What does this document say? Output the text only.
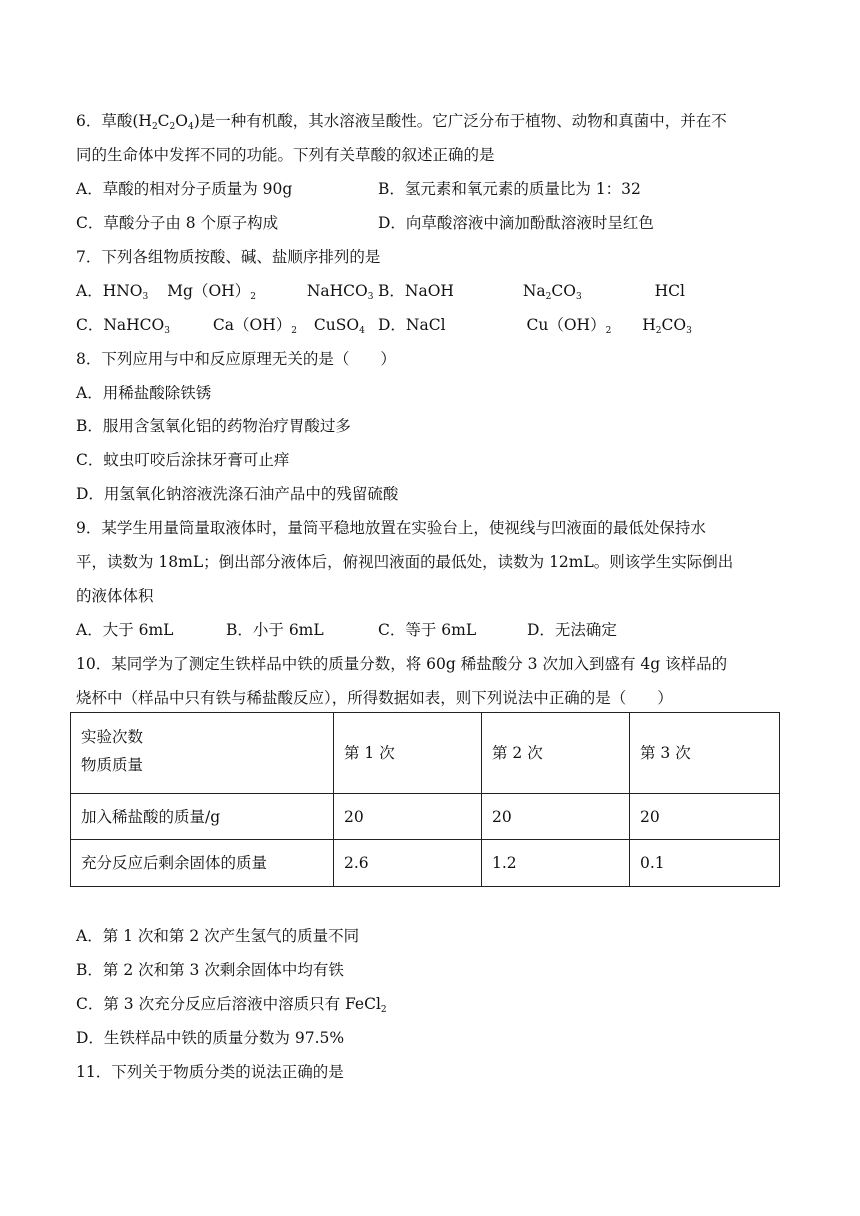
6．草酸(H2C2O4)是一种有机酸，其水溶液呈酸性。它广泛分布于植物、动物和真菌中，并在不
同的生命体中发挥不同的功能。下列有关草酸的叙述正确的是
A．草酸的相对分子质量为 90g	B．氢元素和氧元素的质量比为 1：32
C．草酸分子由 8 个原子构成	D．向草酸溶液中滴加酚酞溶液时呈红色
7．下列各组物质按酸、碱、盐顺序排列的是
A．HNO3 Mg（OH）2	NaHCO3 B．NaOH	Na2CO3	HCl
C．NaHCO3	Ca（OH）2 CuSO4 D．NaCl	Cu（OH）2 H2CO3
8．下列应用与中和反应原理无关的是（　　）
A．用稀盐酸除铁锈
B．服用含氢氧化铝的药物治疗胃酸过多
C．蚊虫叮咬后涂抹牙膏可止痒
D．用氢氧化钠溶液洗涤石油产品中的残留硫酸
9．某学生用量筒量取液体时，量筒平稳地放置在实验台上，使视线与凹液面的最低处保持水
平，读数为 18mL；倒出部分液体后，俯视凹液面的最低处，读数为 12mL。则该学生实际倒出
的液体体积
A．大于 6mL	B．小于 6mL	C．等于 6mL	D．无法确定
10．某同学为了测定生铁样品中铁的质量分数，将 60g 稀盐酸分 3 次加入到盛有 4g 该样品的
烧杯中（样品中只有铁与稀盐酸反应），所得数据如表，则下列说法中正确的是（　　）
实验次数
物质质量	第 1 次	第 2 次	第 3 次
加入稀盐酸的质量/g	20	20	20
充分反应后剩余固体的质量	2.6	1.2	0.1
A．第 1 次和第 2 次产生氢气的质量不同
B．第 2 次和第 3 次剩余固体中均有铁
C．第 3 次充分反应后溶液中溶质只有 FeCl2
D．生铁样品中铁的质量分数为 97.5%
11．下列关于物质分类的说法正确的是
